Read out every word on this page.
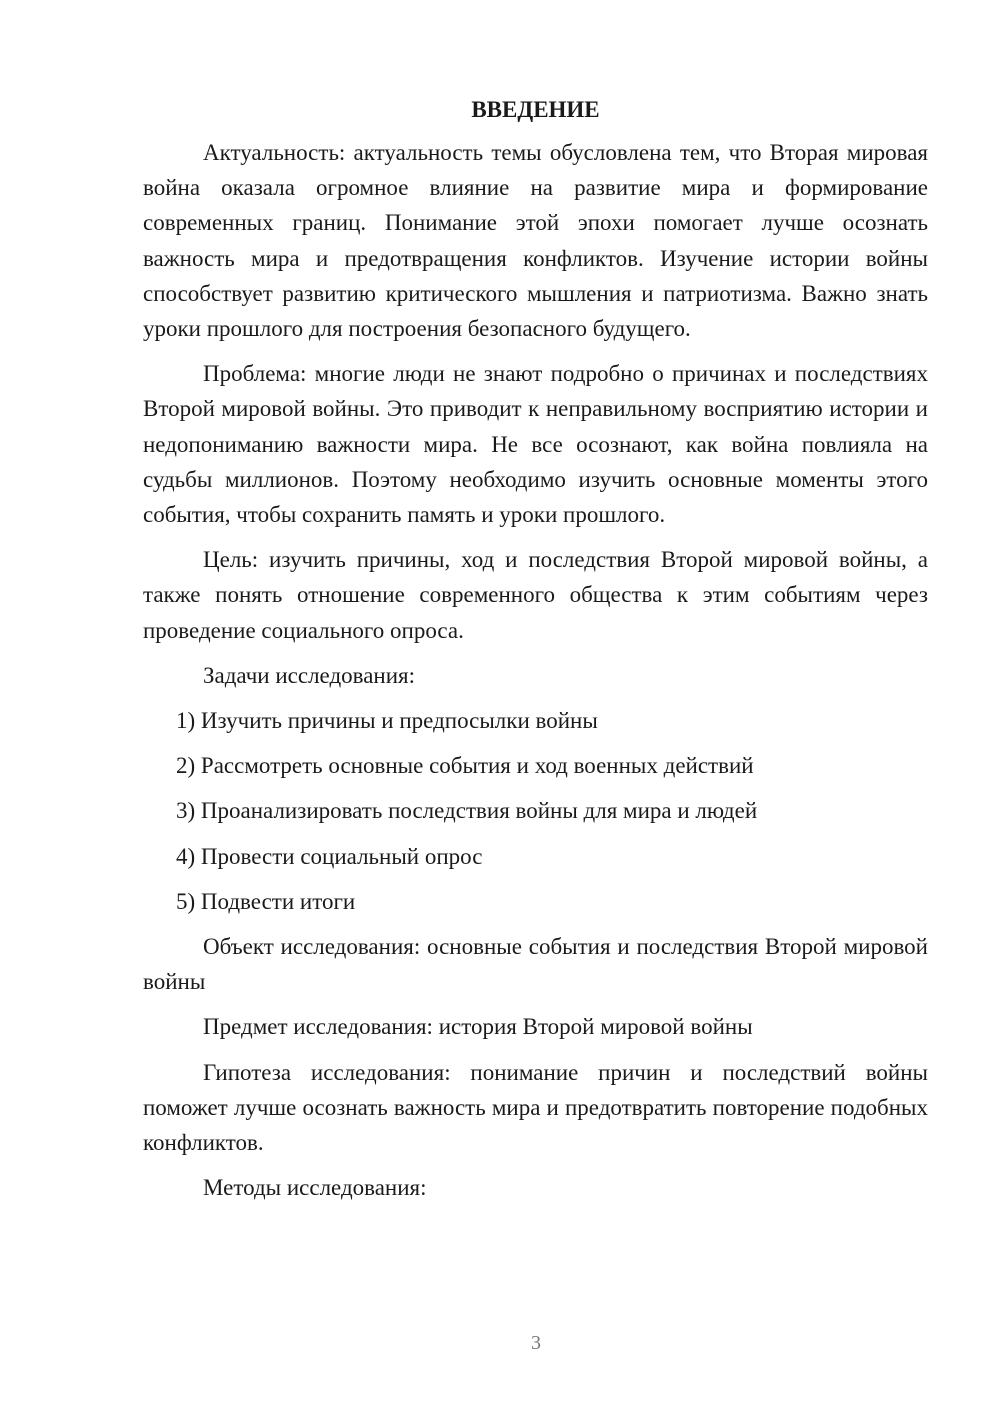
ВВЕДЕНИЕ

Актуальность: актуальность темы обусловлена тем, что Вторая мировая война оказала огромное влияние на развитие мира и формирование современных границ. Понимание этой эпохи помогает лучше осознать важность мира и предотвращения конфликтов. Изучение истории войны способствует развитию критического мышления и патриотизма. Важно знать уроки прошлого для построения безопасного будущего.

Проблема: многие люди не знают подробно о причинах и последствиях Второй мировой войны. Это приводит к неправильному восприятию истории и недопониманию важности мира. Не все осознают, как война повлияла на судьбы миллионов. Поэтому необходимо изучить основные моменты этого события, чтобы сохранить память и уроки прошлого.

Цель: изучить причины, ход и последствия Второй мировой войны, а также понять отношение современного общества к этим событиям через проведение социального опроса.

Задачи исследования:

1) Изучить причины и предпосылки войны

2) Рассмотреть основные события и ход военных действий

3) Проанализировать последствия войны для мира и людей

4) Провести социальный опрос

5) Подвести итоги

Объект исследования: основные события и последствия Второй мировой войны

Предмет исследования: история Второй мировой войны

Гипотеза исследования: понимание причин и последствий войны поможет лучше осознать важность мира и предотвратить повторение подобных конфликтов.

Методы исследования:

3
